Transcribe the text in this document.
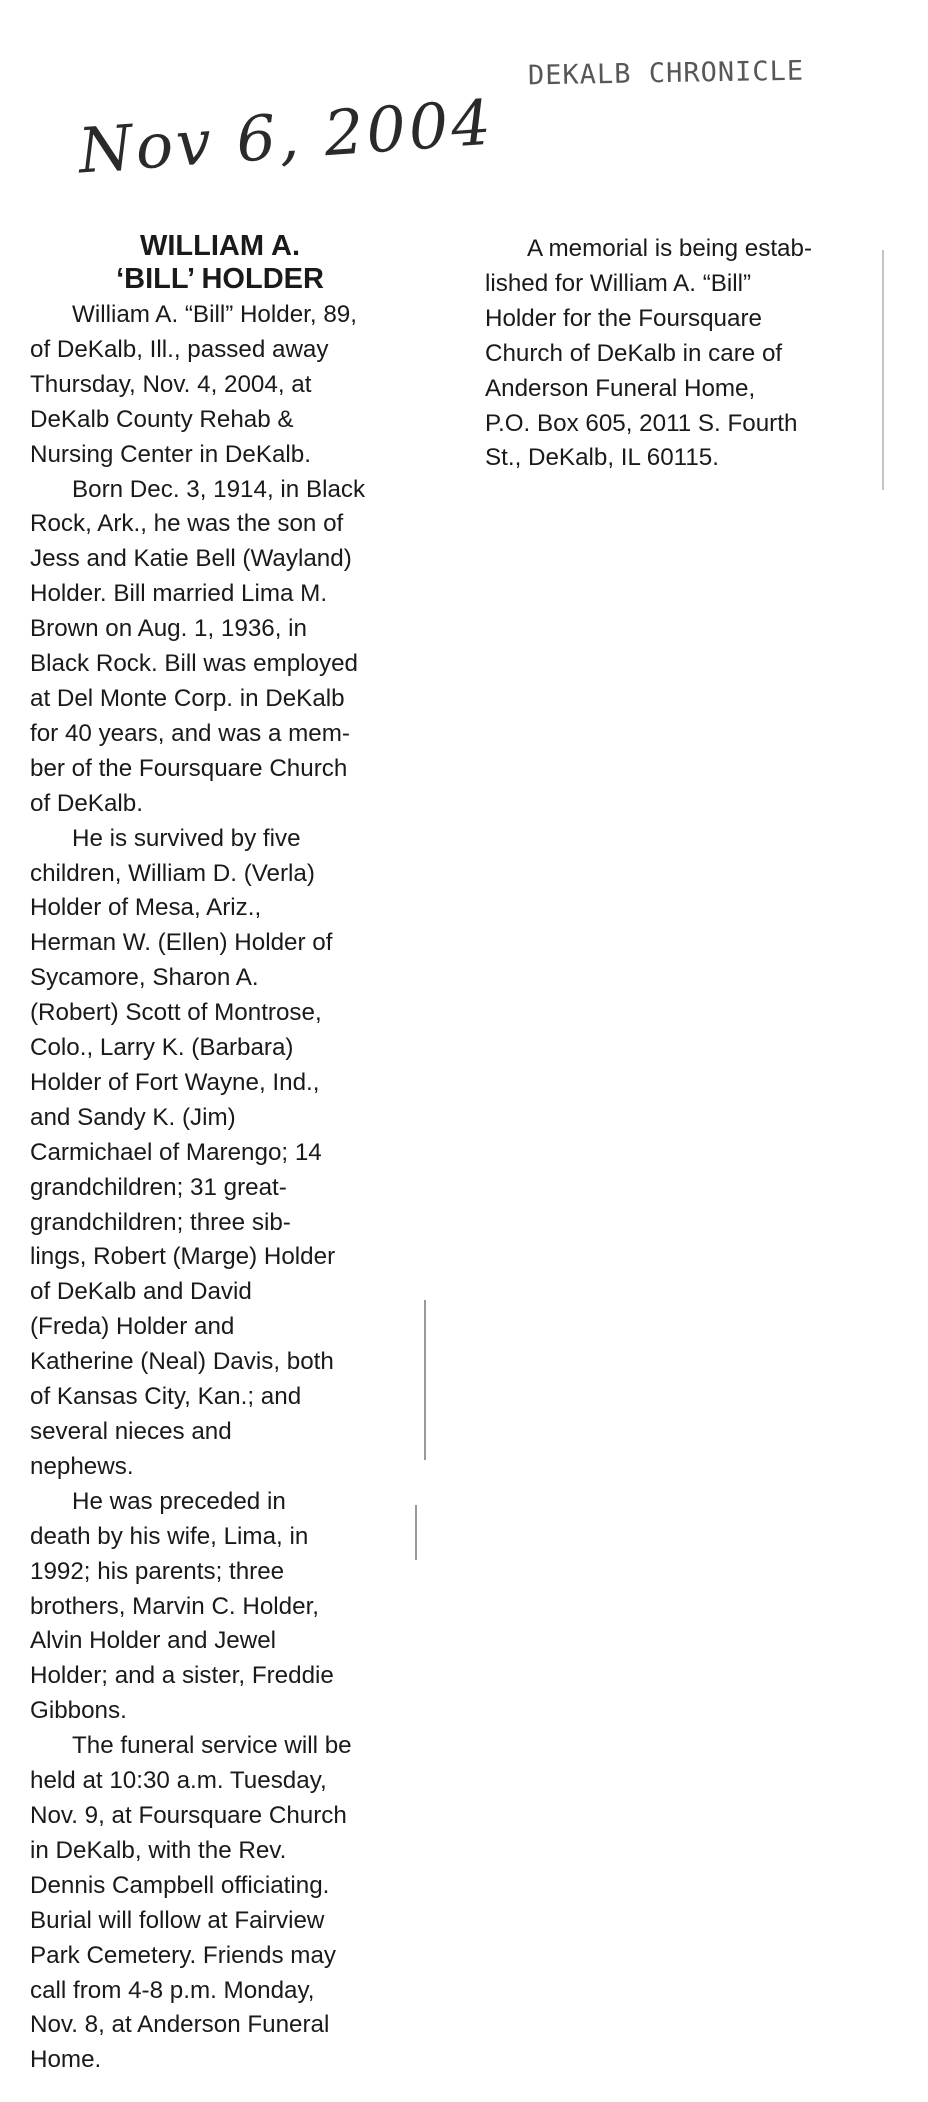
DEKALB CHRONICLE
Nov 6, 2004
WILLIAM A.
‘BILL’ HOLDER
William A. “Bill” Holder, 89,
of DeKalb, Ill., passed away
Thursday, Nov. 4, 2004, at
DeKalb County Rehab &
Nursing Center in DeKalb.
Born Dec. 3, 1914, in Black
Rock, Ark., he was the son of
Jess and Katie Bell (Wayland)
Holder. Bill married Lima M.
Brown on Aug. 1, 1936, in
Black Rock. Bill was employed
at Del Monte Corp. in DeKalb
for 40 years, and was a mem-
ber of the Foursquare Church
of DeKalb.
He is survived by five
children, William D. (Verla)
Holder of Mesa, Ariz.,
Herman W. (Ellen) Holder of
Sycamore, Sharon A.
(Robert) Scott of Montrose,
Colo., Larry K. (Barbara)
Holder of Fort Wayne, Ind.,
and Sandy K. (Jim)
Carmichael of Marengo; 14
grandchildren; 31 great-
grandchildren; three sib-
lings, Robert (Marge) Holder
of DeKalb and David
(Freda) Holder and
Katherine (Neal) Davis, both
of Kansas City, Kan.; and
several nieces and
nephews.
He was preceded in
death by his wife, Lima, in
1992; his parents; three
brothers, Marvin C. Holder,
Alvin Holder and Jewel
Holder; and a sister, Freddie
Gibbons.
The funeral service will be
held at 10:30 a.m. Tuesday,
Nov. 9, at Foursquare Church
in DeKalb, with the Rev.
Dennis Campbell officiating.
Burial will follow at Fairview
Park Cemetery. Friends may
call from 4-8 p.m. Monday,
Nov. 8, at Anderson Funeral
Home.
A memorial is being estab-
lished for William A. “Bill”
Holder for the Foursquare
Church of DeKalb in care of
Anderson Funeral Home,
P.O. Box 605, 2011 S. Fourth
St., DeKalb, IL 60115.
